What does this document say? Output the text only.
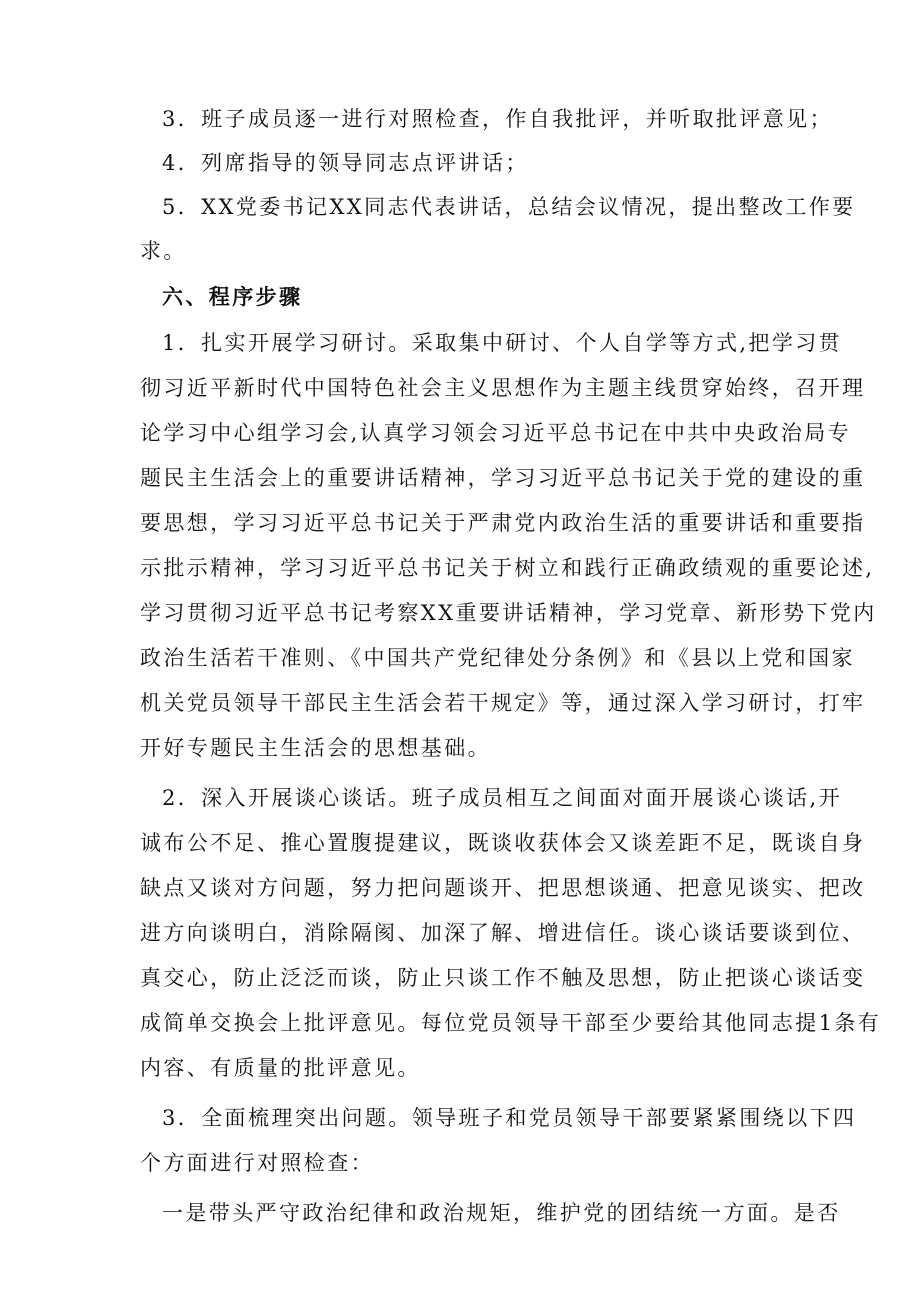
3．班子成员逐一进行对照检查，作自我批评，并听取批评意见；
4．列席指导的领导同志点评讲话；
5．XX党委书记XX同志代表讲话，总结会议情况，提出整改工作要
求。
六、程序步骤
1．扎实开展学习研讨。采取集中研讨、个人自学等方式,把学习贯
彻习近平新时代中国特色社会主义思想作为主题主线贯穿始终，召开理
论学习中心组学习会,认真学习领会习近平总书记在中共中央政治局专
题民主生活会上的重要讲话精神，学习习近平总书记关于党的建设的重
要思想，学习习近平总书记关于严肃党内政治生活的重要讲话和重要指
示批示精神，学习习近平总书记关于树立和践行正确政绩观的重要论述,
学习贯彻习近平总书记考察XX重要讲话精神，学习党章、新形势下党内
政治生活若干准则、《中国共产党纪律处分条例》和《县以上党和国家
机关党员领导干部民主生活会若干规定》等，通过深入学习研讨，打牢
开好专题民主生活会的思想基础。
2．深入开展谈心谈话。班子成员相互之间面对面开展谈心谈话,开
诚布公不足、推心置腹提建议，既谈收获体会又谈差距不足，既谈自身
缺点又谈对方问题，努力把问题谈开、把思想谈通、把意见谈实、把改
进方向谈明白，消除隔阂、加深了解、增进信任。谈心谈话要谈到位、
真交心，防止泛泛而谈，防止只谈工作不触及思想，防止把谈心谈话变
成简单交换会上批评意见。每位党员领导干部至少要给其他同志提1条有
内容、有质量的批评意见。
3．全面梳理突出问题。领导班子和党员领导干部要紧紧围绕以下四
个方面进行对照检查：
一是带头严守政治纪律和政治规矩，维护党的团结统一方面。是否
